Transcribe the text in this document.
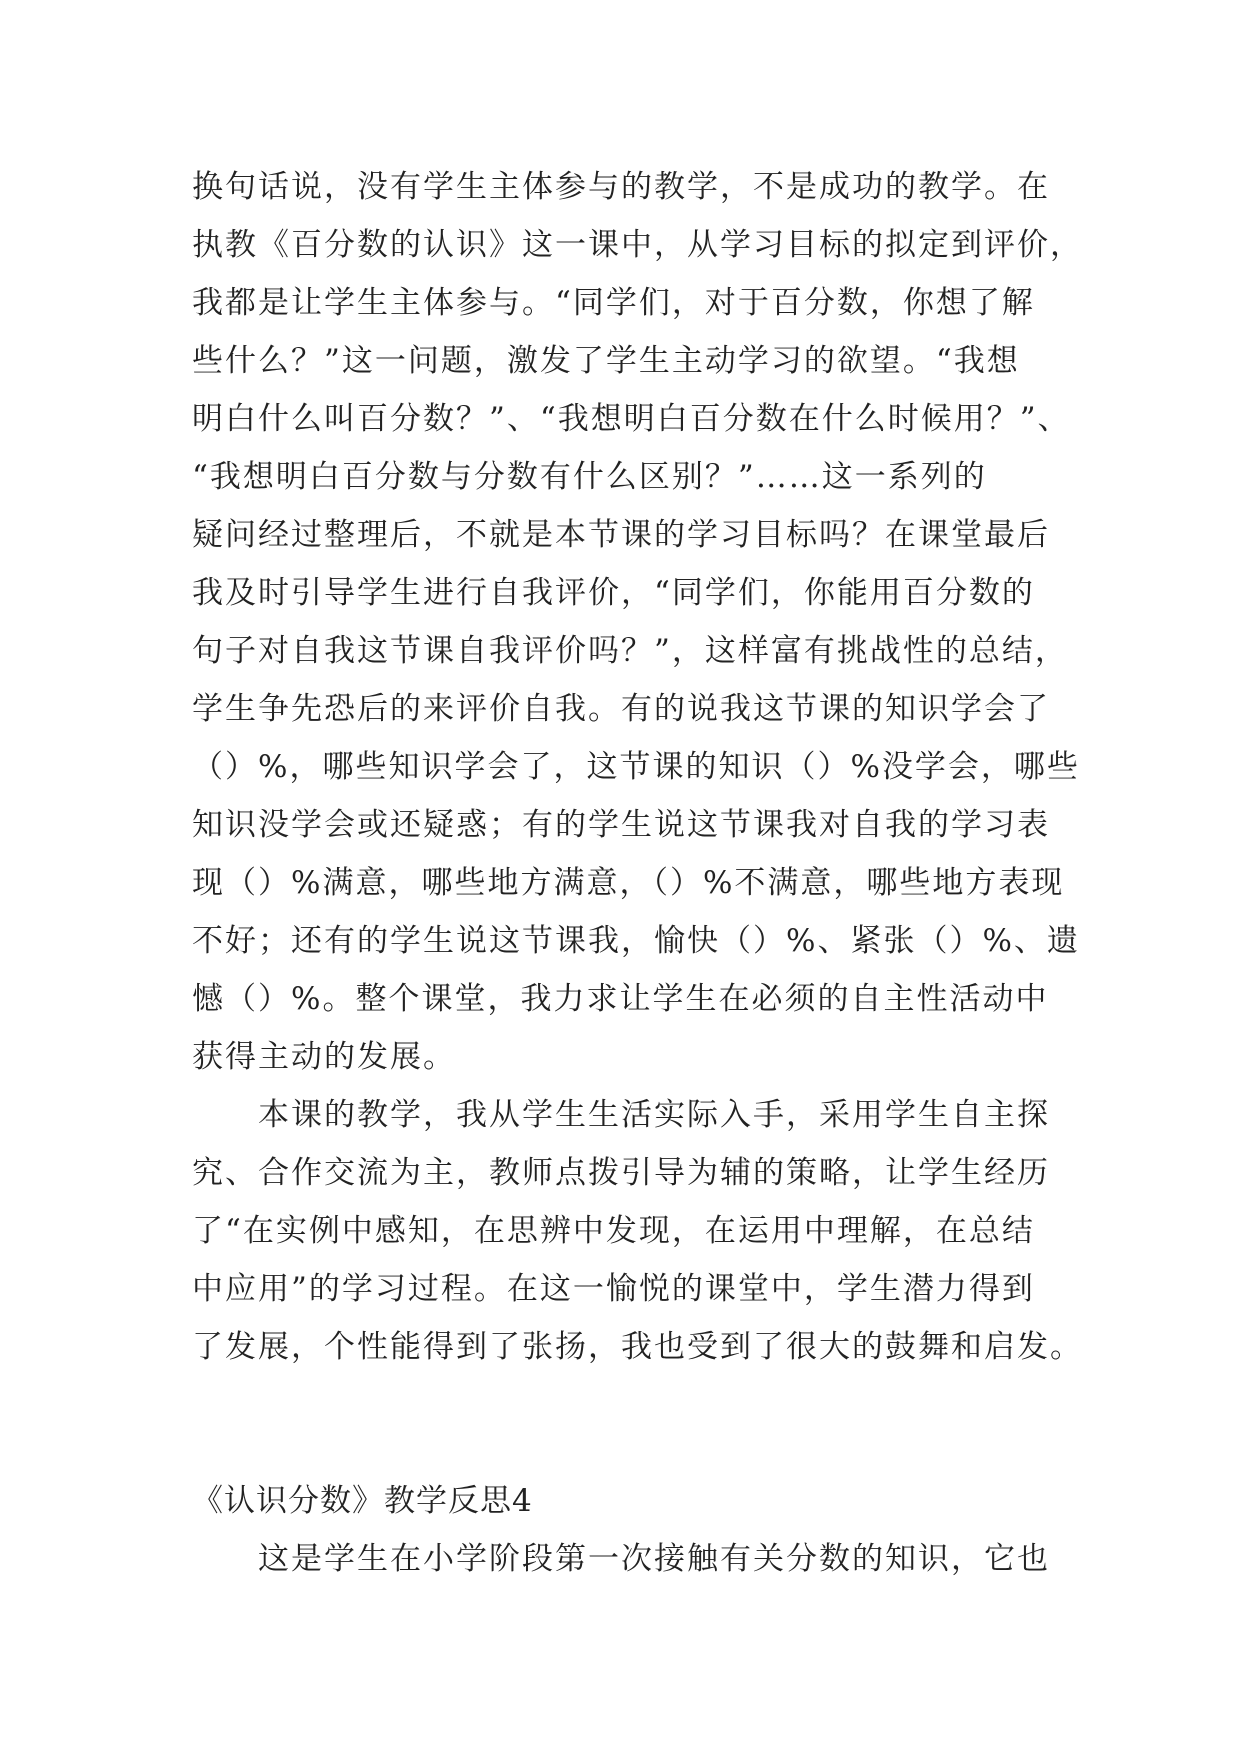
换句话说，没有学生主体参与的教学，不是成功的教学。在
执教《百分数的认识》这一课中，从学习目标的拟定到评价，
我都是让学生主体参与。“同学们，对于百分数，你想了解
些什么？”这一问题，激发了学生主动学习的欲望。“我想
明白什么叫百分数？”、“我想明白百分数在什么时候用？”、
“我想明白百分数与分数有什么区别？”……这一系列的
疑问经过整理后，不就是本节课的学习目标吗？在课堂最后
我及时引导学生进行自我评价，“同学们，你能用百分数的
句子对自我这节课自我评价吗？”，这样富有挑战性的总结，
学生争先恐后的来评价自我。有的说我这节课的知识学会了
（）%，哪些知识学会了，这节课的知识（）%没学会，哪些
知识没学会或还疑惑；有的学生说这节课我对自我的学习表
现（）%满意，哪些地方满意，（）%不满意，哪些地方表现
不好；还有的学生说这节课我，愉快（）%、紧张（）%、遗
憾（）%。整个课堂，我力求让学生在必须的自主性活动中
获得主动的发展。
本课的教学，我从学生生活实际入手，采用学生自主探
究、合作交流为主，教师点拨引导为辅的策略，让学生经历
了“在实例中感知，在思辨中发现，在运用中理解，在总结
中应用”的学习过程。在这一愉悦的课堂中，学生潜力得到
了发展，个性能得到了张扬，我也受到了很大的鼓舞和启发。
《认识分数》教学反思4
这是学生在小学阶段第一次接触有关分数的知识，它也
